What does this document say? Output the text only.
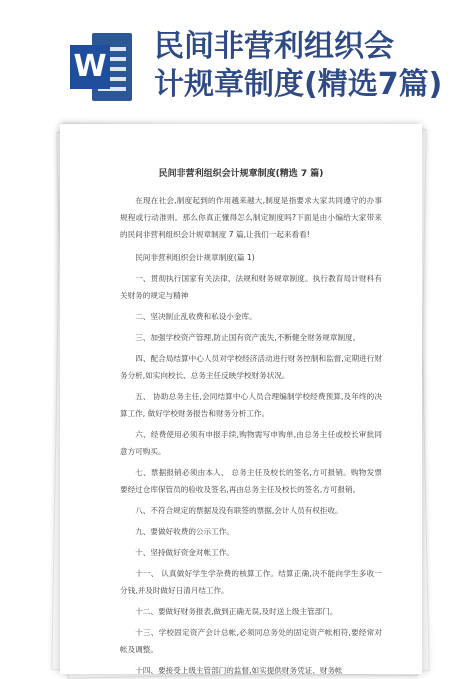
W
民间非营利组织会
计规章制度(精选7篇)
民间非营利组织会计规章制度(精选 7 篇)

在现在社会,制度起到的作用越来越大,制度是指要求大家共同遵守的办事规程或行动准则。那么你真正懂得怎么制定制度吗?下面是由小编给大家带来的民间非营利组织会计规章制度 7 篇,让我们一起来看看!

民间非营利组织会计规章制度(篇 1)

一、贯彻执行国家有关法律、法规和财务规章制度。执行教育局计财科有关财务的规定与精神

二、坚决制止乱收费和私设小金库。

三、加强学校资产管理,防止国有资产流失,不断健全财务规章制度。

四、配合局结算中心人员对学校经济活动进行财务控制和监督,定期进行财务分析,如实向校长、总务主任反映学校财务状况。

五、 协助总务主任,会同结算中心人员合理编制学校经费预算,及年终的决算工作, 做好学校财务报告和财务分析工作。

六、经费使用必须有申报手续,购物需写申购单,由总务主任或校长审批同意方可购买。

七、票据报销必须由本人、 总务主任及校长的签名,方可报销。购物发票要经过仓库保管员的验收及签名,再由总务主任及校长的签名,方可报销。

八、不符合规定的票据及没有联签的票据,会计人员有权拒收。

九、要做好收费的公示工作。

十、坚持做好资金对帐工作。

十一、 认真做好学生学杂费的核算工作。结算正确,决不能向学生多收一分钱,并及时做好日清月结工作。

十二、要做好财务报表,做到正确无误,及时送上级主管部门。

十三、学校固定资产会计总帐,必须同总务处的固定资产帐相符,要经常对帐及调整。

十四、要接受上级主管部门的监督,如实提供财务凭证、财务帐
